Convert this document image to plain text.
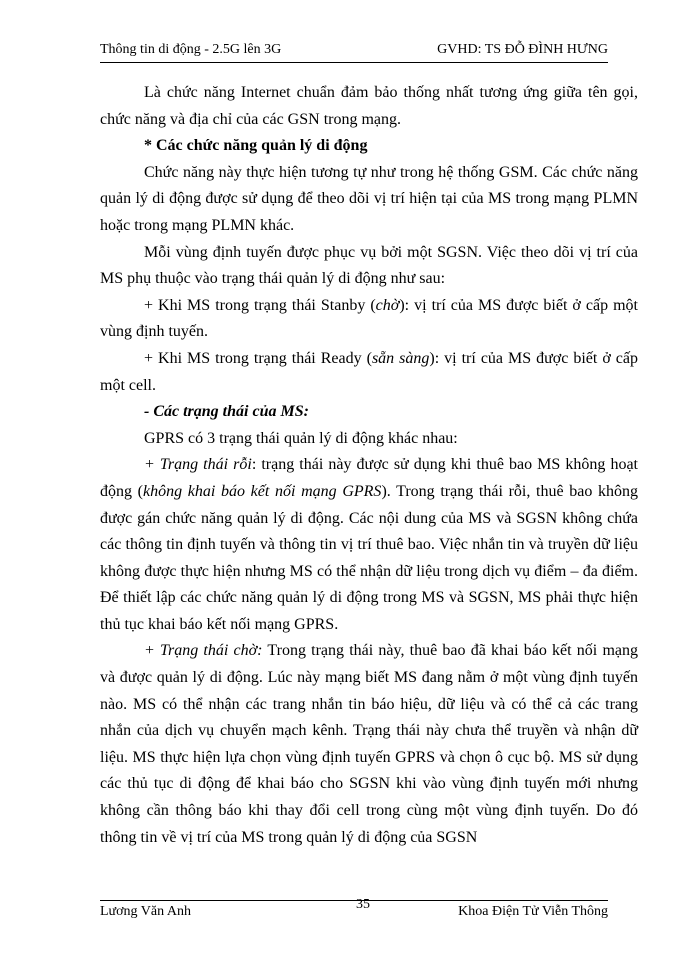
Thông tin di động - 2.5G lên 3G	GVHD: TS ĐỖ ĐÌNH HƯNG

Là chức năng Internet chuẩn đảm bảo thống nhất tương ứng giữa tên gọi, chức năng và địa chỉ của các GSN trong mạng.

* Các chức năng quản lý di động

Chức năng này thực hiện tương tự như trong hệ thống GSM. Các chức năng quản lý di động được sử dụng để theo dõi vị trí hiện tại của MS trong mạng PLMN hoặc trong mạng PLMN khác.

Mỗi vùng định tuyến được phục vụ bởi một SGSN. Việc theo dõi vị trí của MS phụ thuộc vào trạng thái quản lý di động như sau:

+ Khi MS trong trạng thái Stanby (chờ): vị trí của MS được biết ở cấp một vùng định tuyến.

+ Khi MS trong trạng thái Ready (sẵn sàng): vị trí của MS được biết ở cấp một cell.

- Các trạng thái của MS:

GPRS có 3 trạng thái quản lý di động khác nhau:

+ Trạng thái rỗi: trạng thái này được sử dụng khi thuê bao MS không hoạt động (không khai báo kết nối mạng GPRS). Trong trạng thái rỗi, thuê bao không được gán chức năng quản lý di động. Các nội dung của MS và SGSN không chứa các thông tin định tuyến và thông tin vị trí thuê bao. Việc nhắn tin và truyền dữ liệu không được thực hiện nhưng MS có thể nhận dữ liệu trong dịch vụ điểm – đa điểm. Để thiết lập các chức năng quản lý di động trong MS và SGSN, MS phải thực hiện thủ tục khai báo kết nối mạng GPRS.

+ Trạng thái chờ: Trong trạng thái này, thuê bao đã khai báo kết nối mạng và được quản lý di động. Lúc này mạng biết MS đang nằm ở một vùng định tuyến nào. MS có thể nhận các trang nhắn tin báo hiệu, dữ liệu và có thể cả các trang nhắn của dịch vụ chuyển mạch kênh. Trạng thái này chưa thể truyền và nhận dữ liệu. MS thực hiện lựa chọn vùng định tuyến GPRS và chọn ô cục bộ. MS sử dụng các thủ tục di động để khai báo cho SGSN khi vào vùng định tuyến mới nhưng không cần thông báo khi thay đổi cell trong cùng một vùng định tuyến. Do đó thông tin về vị trí của MS trong quản lý di động của SGSN

Lương Văn Anh	35	Khoa Điện Tử Viễn Thông
